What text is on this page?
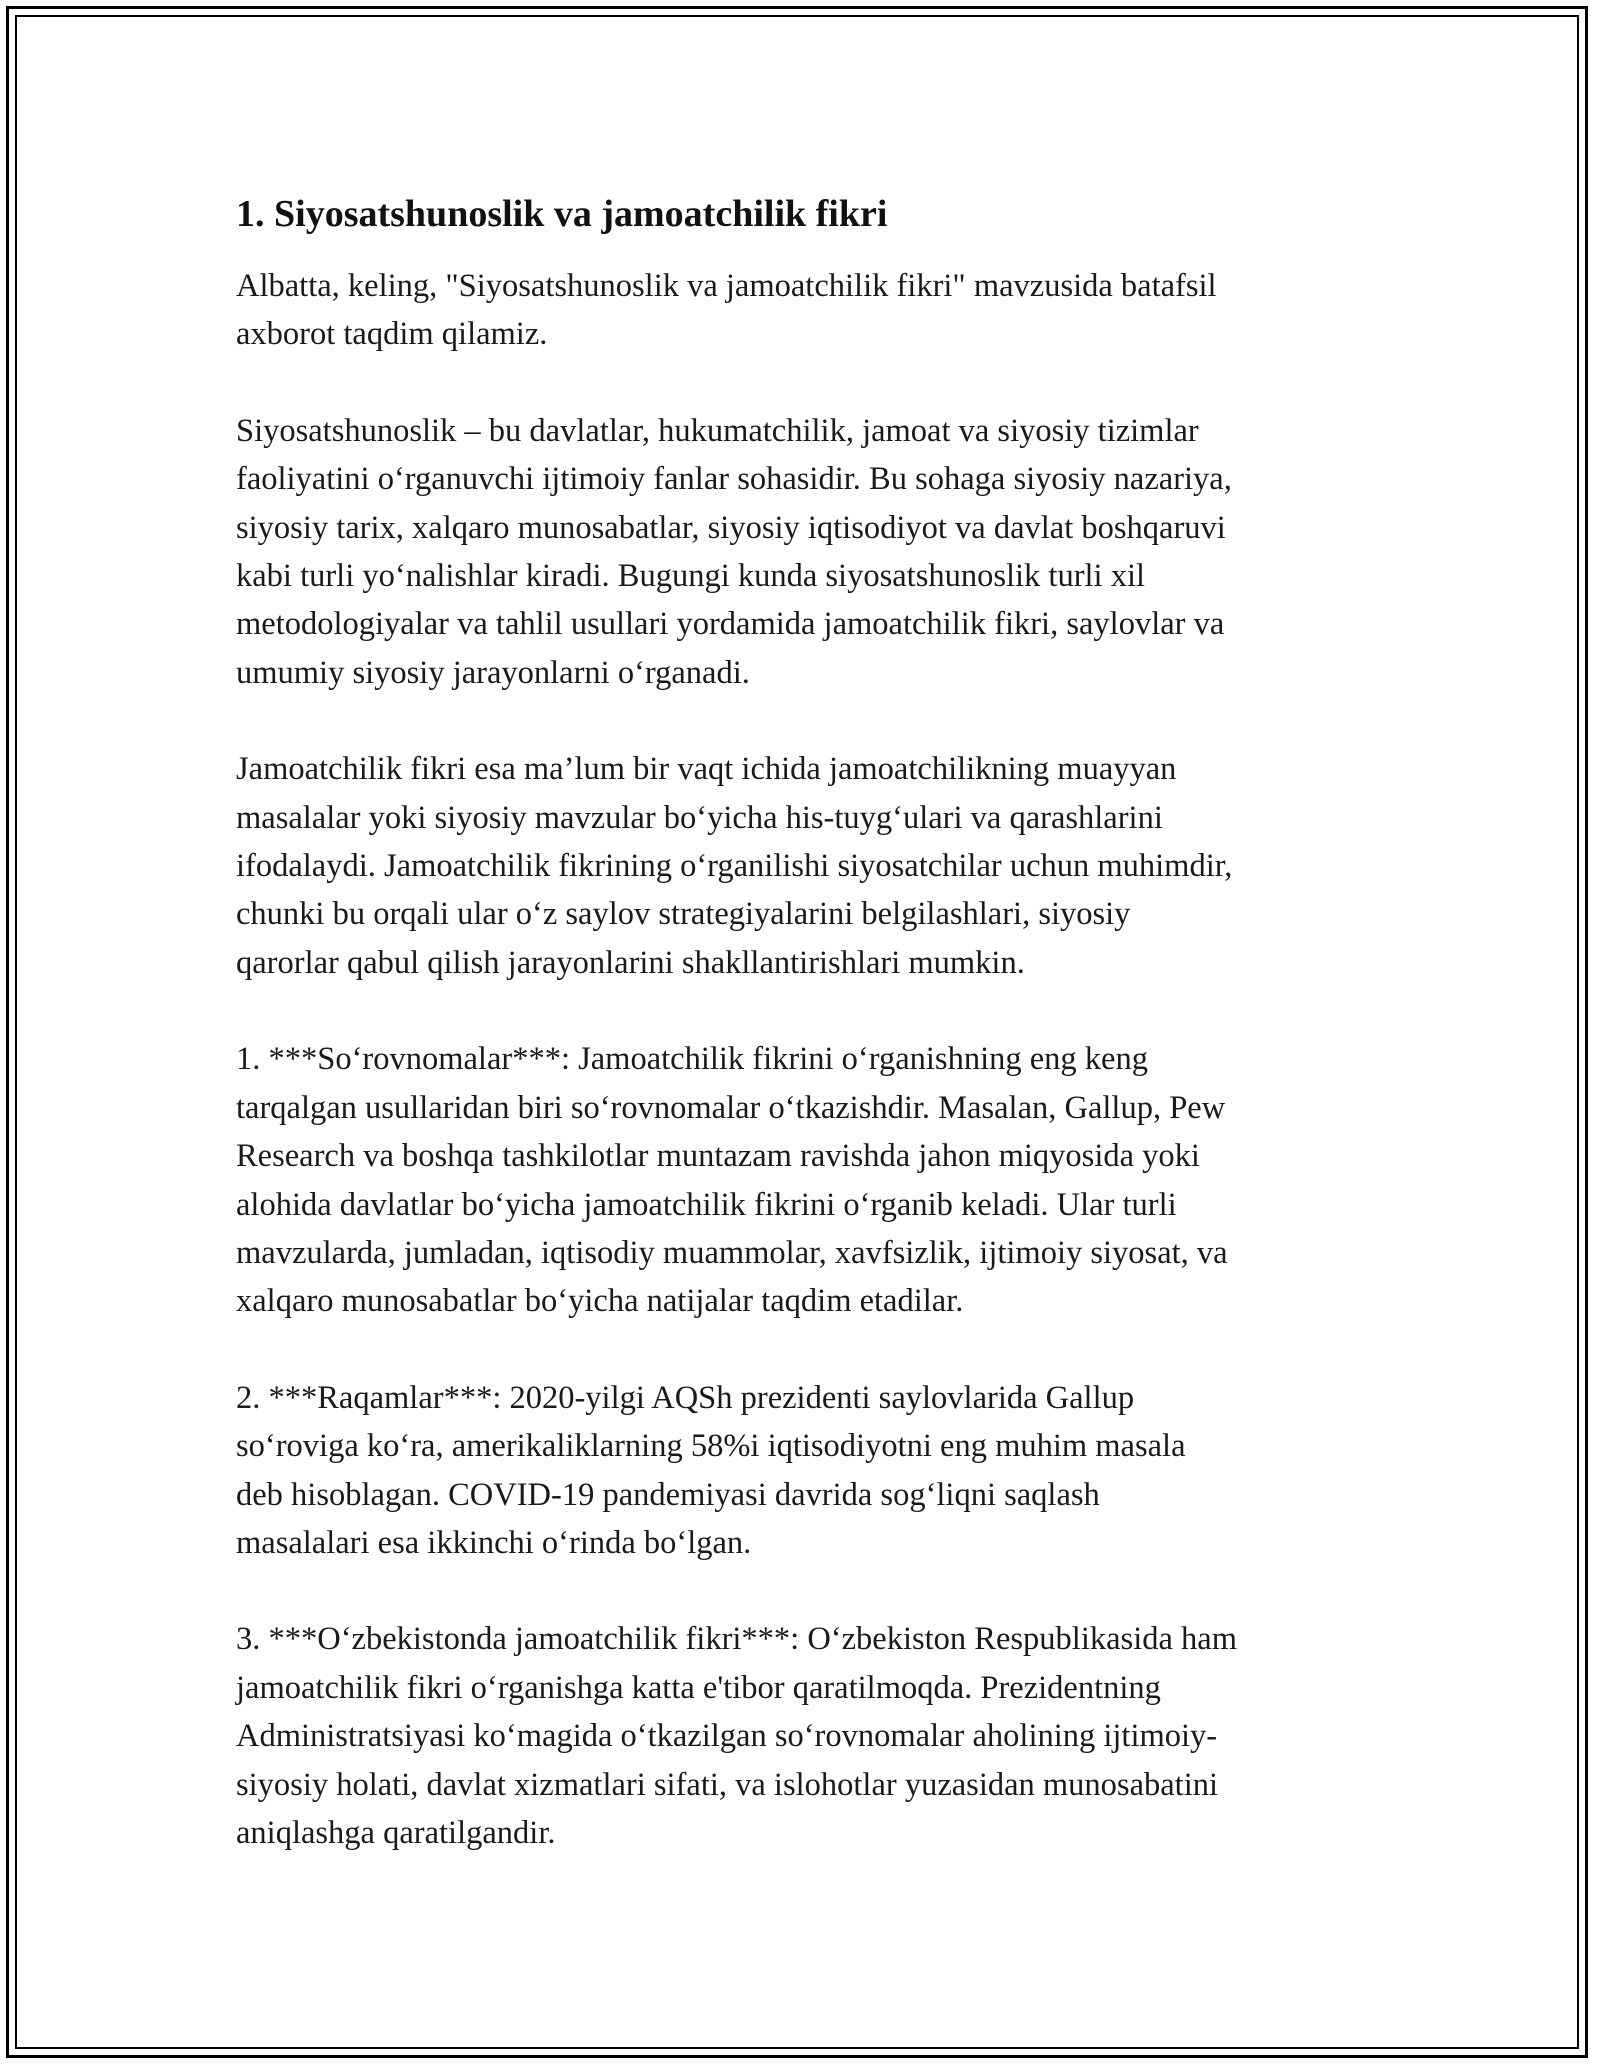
1. Siyosatshunoslik va jamoatchilik fikri

Albatta, keling, "Siyosatshunoslik va jamoatchilik fikri" mavzusida batafsil
axborot taqdim qilamiz.

Siyosatshunoslik – bu davlatlar, hukumatchilik, jamoat va siyosiy tizimlar
faoliyatini o‘rganuvchi ijtimoiy fanlar sohasidir. Bu sohaga siyosiy nazariya,
siyosiy tarix, xalqaro munosabatlar, siyosiy iqtisodiyot va davlat boshqaruvi
kabi turli yo‘nalishlar kiradi. Bugungi kunda siyosatshunoslik turli xil
metodologiyalar va tahlil usullari yordamida jamoatchilik fikri, saylovlar va
umumiy siyosiy jarayonlarni o‘rganadi.

Jamoatchilik fikri esa ma’lum bir vaqt ichida jamoatchilikning muayyan
masalalar yoki siyosiy mavzular bo‘yicha his-tuyg‘ulari va qarashlarini
ifodalaydi. Jamoatchilik fikrining o‘rganilishi siyosatchilar uchun muhimdir,
chunki bu orqali ular o‘z saylov strategiyalarini belgilashlari, siyosiy
qarorlar qabul qilish jarayonlarini shakllantirishlari mumkin.

1. ***So‘rovnomalar***: Jamoatchilik fikrini o‘rganishning eng keng
tarqalgan usullaridan biri so‘rovnomalar o‘tkazishdir. Masalan, Gallup, Pew
Research va boshqa tashkilotlar muntazam ravishda jahon miqyosida yoki
alohida davlatlar bo‘yicha jamoatchilik fikrini o‘rganib keladi. Ular turli
mavzularda, jumladan, iqtisodiy muammolar, xavfsizlik, ijtimoiy siyosat, va
xalqaro munosabatlar bo‘yicha natijalar taqdim etadilar.

2. ***Raqamlar***: 2020-yilgi AQSh prezidenti saylovlarida Gallup
so‘roviga ko‘ra, amerikaliklarning 58%i iqtisodiyotni eng muhim masala
deb hisoblagan. COVID-19 pandemiyasi davrida sog‘liqni saqlash
masalalari esa ikkinchi o‘rinda bo‘lgan.

3. ***O‘zbekistonda jamoatchilik fikri***: O‘zbekiston Respublikasida ham
jamoatchilik fikri o‘rganishga katta e'tibor qaratilmoqda. Prezidentning
Administratsiyasi ko‘magida o‘tkazilgan so‘rovnomalar aholining ijtimoiy-
siyosiy holati, davlat xizmatlari sifati, va islohotlar yuzasidan munosabatini
aniqlashga qaratilgandir.
